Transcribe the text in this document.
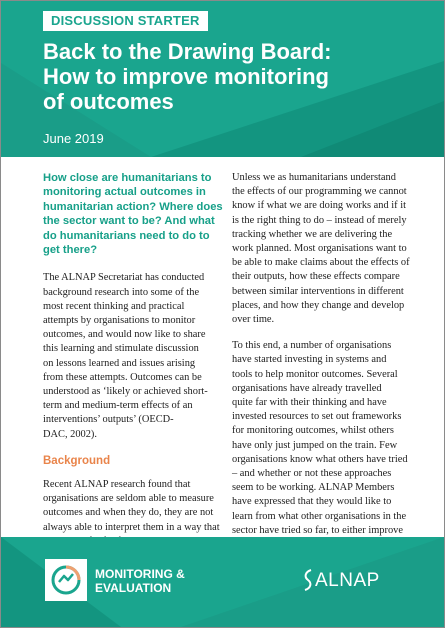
DISCUSSION STARTER
Back to the Drawing Board:
How to improve monitoring
of outcomes
June 2019
How close are humanitarians to
monitoring actual outcomes in
humanitarian action? Where does
the sector want to be? And what
do humanitarians need to do to
get there?
The ALNAP Secretariat has conducted
background research into some of the
most recent thinking and practical
attempts by organisations to monitor
outcomes, and would now like to share
this learning and stimulate discussion
on lessons learned and issues arising
from these attempts. Outcomes can be
understood as ‘likely or achieved short-
term and medium-term effects of an
interventions’ outputs’ (OECD-
DAC, 2002).
Background
Recent ALNAP research found that
organisations are seldom able to measure
outcomes and when they do, they are not
always able to interpret them in a way that
Unless we as humanitarians understand
the effects of our programming we cannot
know if what we are doing works and if it
is the right thing to do – instead of merely
tracking whether we are delivering the
work planned. Most organisations want to
be able to make claims about the effects of
their outputs, how these effects compare
between similar interventions in different
places, and how they change and develop
over time.
To this end, a number of organisations
have started investing in systems and
tools to help monitor outcomes. Several
organisations have already travelled
quite far with their thinking and have
invested resources to set out frameworks
for monitoring outcomes, whilst others
have only just jumped on the train. Few
organisations know what others have tried
– and whether or not these approaches
seem to be working. ALNAP Members
have expressed that they would like to
learn from what other organisations in the
sector have tried so far, to either improve
MONITORING &
EVALUATION	ALNAP
